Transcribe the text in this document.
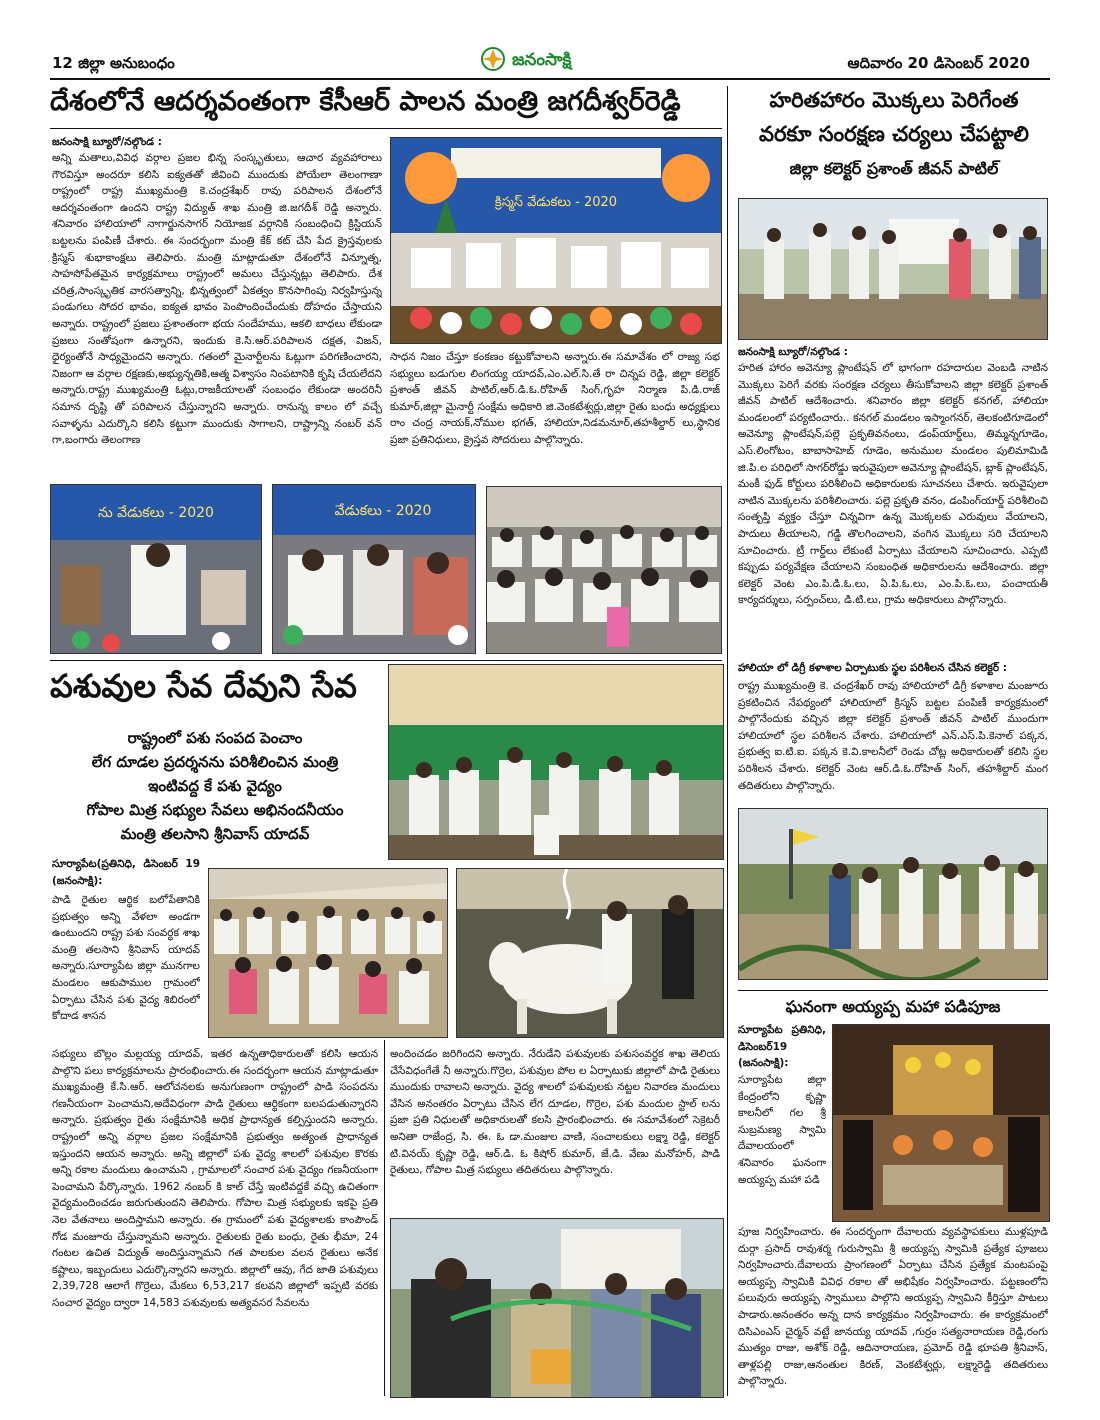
12 జిల్లా అనుబంధం	జనంసాక్షి	ఆదివారం 20 డిసెంబర్ 2020
దేశంలోనే ఆదర్శవంతంగా కేసీఆర్ పాలన మంత్రి జగదీశ్వర్‌రెడ్డి
జనంసాక్షి బ్యూరో/నల్గొండ :
అన్ని మతాలు,వివిధ వర్గాల ప్రజల భిన్న సంస్కృతులు, ఆచార వ్యవహారాలు గౌరవిస్తూ అందరూ కలిసి ఐక్యతతో జీవించి ముందుకు పోయేలా తెలంగాణా రాష్ట్రంలో రాష్ట్ర ముఖ్యమంత్రి కె.చంద్రశేఖర్ రావు పరిపాలన దేశంలోనే ఆదర్శవంతంగా ఉందని రాష్ట్ర విద్యుత్ శాఖ మంత్రి జి.జగదీశ్ రెడ్డి అన్నారు. శనివారం హాలియాలో నాగార్జునసాగర్ నియోజక వర్గానికి సంబంధించి క్రిస్టియన్ బట్టలను పంపిణీ చేశారు. ఈ సందర్భంగా మంత్రి కేక్ కట్ చేసి పేద క్రైస్తవులకు క్రిస్మస్ శుభాకాంక్షలు తెలిపారు. మంత్రి మాట్లాడుతూ దేశంలోనే విన్నూత్న, సాహసోపేతమైన కార్యక్రమాలు రాష్ట్రంలో అమలు చేస్తున్నట్లు తెలిపారు. దేశ చరిత్ర,సాంస్కృతిక వారసత్వాన్ని, భిన్నత్వంలో ఏకత్వం కొనసాగింపు నిర్వహిస్తున్న పండుగలు సోదర భావం, ఐక్యత భావం పెంపొందించేందుకు దోహదం చేస్తాయని అన్నారు. రాష్ట్రంలో ప్రజలు ప్రశాంతంగా భయ సందేహము, ఆకలి బాధలు లేకుండా ప్రజలు సంతోషంగా ఉన్నారని, ఇందుకు కె.సి.ఆర్.పరిపాలన దక్షత, విజన్, ధైర్యంతోనే సాధ్యమైందని అన్నారు. గతంలో మైనార్టీలను ఓట్లుగా పరిగణించారని, నిజంగా ఆ వర్గాల రక్షణకు,అభ్యున్నతికి,ఆత్మ విశ్వాసం నింపటానికి కృషి చేయలేదని అన్నారు.రాష్ట్ర ముఖ్యమంత్రి ఓట్లు,రాజకీయాలతో సంబంధం లేకుండా అందరినీ సమాన దృష్టి తో పరిపాలన చేస్తున్నారని అన్నారు. రానున్న కాలం లో వచ్చే సవాళ్ళను ఎదుర్కొని కలిసి కట్టుగా ముందుకు సాగాలని, రాష్ట్రాన్ని నంబర్ వన్ గా,బంగారు తెలంగాణ
క్రిస్మస్ వేడుకలు - 2020
సాధన నిజం చేస్తూ కంకణం కట్టుకోవాలని అన్నారు.ఈ సమావేశం లో రాజ్య సభ సభ్యులు బడుగుల లింగయ్య యాదవ్,ఎం.ఎల్.సి.తే రా చిన్నప రెడ్డి, జిల్లా కలెక్టర్ ప్రశాంత్ జీవన్ పాటిల్,ఆర్.డి.ఓ.రోహిత్ సింగ్,గృహ నిర్మాణ పి.డి.రాజ్ కుమార్,జిల్లా మైనార్టీ సంక్షేమ అధికారి జి.వెంకటేశ్వర్లు,జిల్లా రైతు బంధు అధ్యక్షులు రాం చంద్ర నాయక్,నోముల భగత్, హాలియా,నిడమనూర్,తహశీల్దార్ లు,స్థానిక ప్రజా ప్రతినిధులు, క్రైస్తవ సోదరులు పాల్గొన్నారు.
ను వేడుకలు - 2020	వేడుకలు - 2020
హరితహారం మొక్కలు పెరిగేంత
వరకూ సంరక్షణ చర్యలు చేపట్టాలి
జిల్లా కలెక్టర్ ప్రశాంత్ జీవన్ పాటిల్
జనంసాక్షి బ్యూరో/నల్గొండ :
హరిత హారం అవెన్యూ ప్లాంటేషన్ లో భాగంగా రహదారుల వెంబడి నాటిన మొక్కలు పెరిగే వరకు సంరక్షణ చర్యలు తీసుకోవాలని జిల్లా కలెక్టర్ ప్రశాంత్ జీవన్ పాటిల్ ఆదేశించారు. శనివారం జిల్లా కలెక్టర్ కనగల్, హాలియా మండలంలో పర్యటించారు.. కనగల్ మండలం ఇస్మాంగనర్, తెలకంటిగూడెంలో అవెన్యూ ప్లాంటేషన్,పల్లె ప్రకృతివనంలు, డంప్‌యార్డ్‌లు, తిమ్మన్నగూడెం, ఎస్.లింగోటం, బాబాసాహెబ్ గూడెం, అనుముల మండలం పులిమామిడి జి.పి.ల పరిధిలో సాగర్‌రోడ్డు ఇరువైపులా అవెన్యూ ప్లాంటేషన్, బ్లాక్ ప్లాంటేషన్, మంకీ ఫుడ్ కోర్టులు పరిశీలించి అధికారులకు సూచనలు చేశారు. ఇరువైపులా నాటిన మొక్కలను పరిశీలించారు. పల్లె ప్రకృతి వనం, డంపింగ్‌యార్డ్ పరిశీలించి సంతృప్తి వ్యక్తం చేస్తూ చిన్నవిగా ఉన్న మొక్కలకు ఎరువులు వేయాలని, పాదులు తీయాలని, గడ్డి తొలగించాలని, వంగిన మొక్కలు సరి చేయాలని సూచించారు. ట్రీ గార్డ్‌లు లేకుంటే ఏర్పాటు చేయాలని సూచించారు. ఎప్పటి కప్పుడు పర్యవేక్షణ చేయాలని సంబంధిత అధికారులను ఆదేశించారు. జిల్లా కలెక్టర్ వెంట ఎం.పి.డి.ఓ.లు, ఏ.పి.ఓ.లు, ఎం.పి.ఓ.లు, పంచాయతీ కార్యదర్శులు, సర్పంచ్‌లు, డి.టి.లు, గ్రామ అధికారులు పాల్గొన్నారు.
హాలియా లో డిగ్రీ కళాశాల ఏర్పాటుకు స్థల పరిశీలన చేసిన కలెక్టర్ :
రాష్ట్ర ముఖ్యమంత్రి కె. చంద్రశేఖర్ రావు హాలియాలో డిగ్రీ కళాశాల మంజూరు ప్రకటించిన నేపథ్యంలో హాలియాలో క్రిస్మస్ బట్టల పంపిణీ కార్యక్రమంలో పాల్గొనేందుకు వచ్చిన జిల్లా కలెక్టర్ ప్రశాంత్ జీవన్ పాటిల్ ముందుగా హాలియాలో స్థల పరిశీలన చేశారు. హాలియాలో ఎన్.ఎస్.పి.కెనాల్ పక్కన, ప్రభుత్వ ఐ.టి.ఐ. పక్కన కె.వి.కాలనీలో రెండు చోట్ల అధికారులతో కలిసి స్థల పరిశీలన చేశారు. కలెక్టర్ వెంట ఆర్.డి.ఓ.రోహిత్ సింగ్, తహశీల్దార్ మంగ తదితరులు పాల్గొన్నారు.
ఘనంగా అయ్యప్ప మహా పడిపూజ
సూర్యాపేట ప్రతినిధి, డిసెంబర్19 (జనంసాక్షి):
సూర్యాపేట జిల్లా కేంద్రంలోని కృష్ణా కాలనీలో గల శ్రీ సుబ్రమణ్య స్వామి దేవాలయంలో శనివారం ఘనంగా అయ్యప్ప మహా పడి
పూజ నిర్వహించారు. ఈ సందర్భంగా దేవాలయ వ్యవస్థాపకులు ముళ్లపూడి దుర్గా ప్రసాద్ రావుశర్మ గురుస్వామి శ్రీ అయ్యప్ప స్వామికి ప్రత్యేక పూజలు నిర్వహించారు.దేవాలయ ప్రాంగణంలో ఏర్పాటు చేసిన ప్రత్యేక మంటపంపై అయ్యప్ప స్వామికి వివిధ రకాల తో అభిషేకం నిర్వహించారు. పట్టణంలోని పలువురు అయ్యప్ప స్వాములు పాల్గొని అయ్యప్ప స్వామిని కీర్తిస్తూ పాటలు పాడారు.అనంతరం అన్న దాన కార్యక్రమం నిర్వహించారు. ఈ కార్యక్రమంలో దిసిఎంఎస్ చైర్మన్ వట్టే జానయ్య యాదవ్ ,గుర్రం సత్యనారాయణ రెడ్డి,రంగు ముత్యం రాజు, అశోక్ రెడ్డి, ఆదినారాయణ, ప్రమోద్ రెడ్డి భూపతి శ్రీనివాస్, తాళ్లపల్లి రాజు,ఆనంతుల కిరణ్, వెంకటేశ్వర్లు, లక్ష్మారెడ్డి తదితరులు పాల్గొన్నారు.
పశువుల సేవ దేవుని సేవ
రాష్ట్రంలో పశు సంపద పెంచాం
లేగ దూడల ప్రదర్శనను పరిశీలించిన మంత్రి
ఇంటివద్ద కే పశు వైద్యం
గోపాల మిత్ర సభ్యుల సేవలు అభినందనీయం
మంత్రి తలసాని శ్రీనివాస్ యాదవ్
సూర్యాపేట(ప్రతినిధి, డిసెంబర్ 19 (జనంసాక్షి):
పాడి రైతుల ఆర్థిక బలోపేతానికి ప్రభుత్వం అన్ని వేళలా అండగా ఉంటుందని రాష్ట్ర పశు సంవర్ధక శాఖ మంత్రి తలసాని శ్రీనివాస్ యాదవ్ అన్నారు.సూర్యాపేట జిల్లా మునగాల మండలం ఆకుపాముల గ్రామంలో ఏర్పాటు చేసిన పశు వైద్య శిబిరంలో కోదాడ శాసన
సభ్యులు బొల్లం మల్లయ్య యాదవ్, ఇతర ఉన్నతాధికారులతో కలిసి ఆయన పాల్గొని పలు కార్యక్రమాలను ప్రారంభించారు.ఈ సందర్భంగా ఆయన మాట్లాడుతూ ముఖ్యమంత్రి కే.సి.ఆర్. ఆలోచనలకు అనుగుణంగా రాష్ట్రంలో పాడి సంపదను గణనీయంగా పెంచామని,అదేవిధంగా పాడి రైతులు ఆర్థికంగా బలపడుతున్నారని అన్నారు. ప్రభుత్వం రైతు సంక్షేమానికి అధిక ప్రాధాన్యత కల్పిస్తుందని అన్నారు. రాష్ట్రంలో అన్ని వర్గాల ప్రజల సంక్షేమానికి ప్రభుత్వం అత్యంత ప్రాధాన్యత ఇస్తుందని ఆయన అన్నారు. అన్ని జిల్లాలో పశు వైద్య శాలలో పశువుల కొరకు అన్ని రకాల మందులు ఉంచామని , గ్రామాలలో సంచార పశు వైద్యం గణనీయంగా పెంచామని పేర్కొన్నారు. 1962 నంబర్ కి కాల్ చేస్తే ఇంటివద్దకే వచ్చి ఉచితంగా వైద్యమందించడం జరుగుతుందని తెలిపారు. గోపాల మిత్ర సభ్యులకు ఇకపై ప్రతి నెల వేతనాలు అందిస్తామని అన్నారు. ఈ గ్రామంలో పశు వైద్యశాలకు కాంపౌండ్ గోడ మంజూరు చేస్తున్నామని అన్నారు. రైతులకు రైతు బంధు, రైతు భీమా, 24 గంటల ఉచిత విద్యుత్ అందిస్తున్నామని గత పాలకుల వలన రైతులు అనేక కష్టాలు, ఇబ్బందులు ఎదుర్కొన్నారని అన్నారు. జిల్లాలో ఆవు, గేద జాతి పశువులు 2,39,728 ఆలాగే గొర్రెలు, మేకలు 6,53,217 కలవని జిల్లాలో ఇప్పటి వరకు సంచార వైద్యం ద్వారా 14,583 పశువులకు అత్యవసర సేవలను
అందించడం జరిగిందని అన్నారు. నేరుడేని పశువులకు పశుసంవర్ధక శాఖ తెలియ చేసేవిధంగేతే నీ అన్నారు.గొర్రెల, పశువుల పోల ల ఏర్పాటుకు జిల్లాలో పాడి రైతులు ముందుకు రావాలని అన్నారు. వైద్య శాలలో పశువులకు నట్టల నివారణ మందులు వేసిన అనంతరం ఏర్పాటు చేసిన లేగ దూడల, గొర్రెల, పశు మందుల స్టాల్ లను ప్రజా ప్రతి నిధులతో అధికారులతో కలసి ప్రారంభించారు. ఈ సమావేశంలో సెక్రెటరీ అనితా రాజేంద్ర, సి. ఈ. ఓ డా.మంజుల వాణి, సంచాలకులు లక్ష్మా రెడ్డి, కలెక్టర్ టి.వినయ్ కృష్ణా రెడ్డి, ఆర్.డి. ఓ కిషోర్ కుమార్, జే.డి. వేణు మనోహర్, పాడి రైతులు, గోపాల మిత్ర సభ్యులు తదితరులు పాల్గొన్నారు.
